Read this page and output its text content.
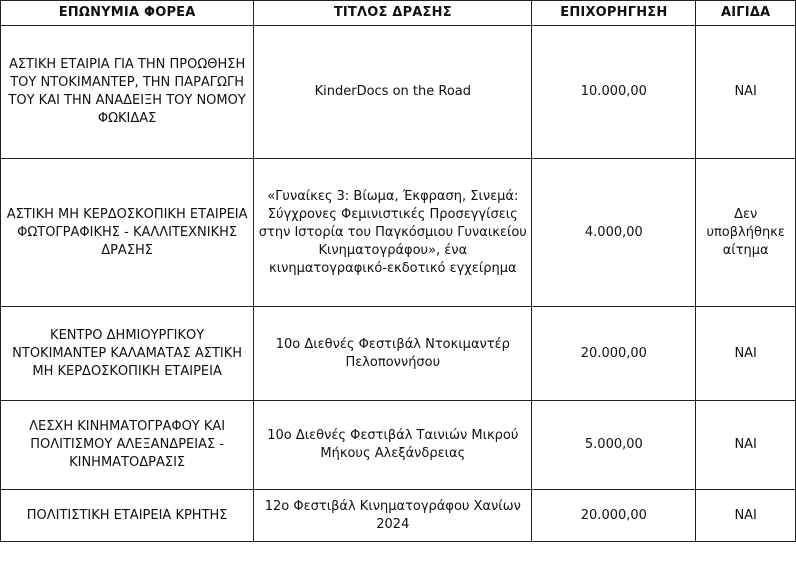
ΕΠΩΝΥΜΙΑ ΦΟΡΕΑ	ΤΙΤΛΟΣ ΔΡΑΣΗΣ	ΕΠΙΧΟΡΗΓΗΣΗ	ΑΙΓΙΔΑ
ΑΣΤΙΚΗ ΕΤΑΙΡΙΑ ΓΙΑ ΤΗΝ ΠΡΟΩΘΗΣΗ ΤΟΥ ΝΤΟΚΙΜΑΝΤΕΡ, ΤΗΝ ΠΑΡΑΓΩΓΗ ΤΟΥ ΚΑΙ ΤΗΝ ΑΝΑΔΕΙΞΗ ΤΟΥ ΝΟΜΟΥ ΦΩΚΙΔΑΣ	KinderDocs on the Road	10.000,00	ΝΑΙ
ΑΣΤΙΚΗ ΜΗ ΚΕΡΔΟΣΚΟΠΙΚΗ ΕΤΑΙΡΕΙΑ ΦΩΤΟΓΡΑΦΙΚΗΣ - ΚΑΛΛΙΤΕΧΝΙΚΗΣ ΔΡΑΣΗΣ	«Γυναίκες 3: Βίωμα, Έκφραση, Σινεμά: Σύγχρονες Φεμινιστικές Προσεγγίσεις στην Ιστορία του Παγκόσμιου Γυναικείου Κινηματογράφου», ένα κινηματογραφικό-εκδοτικό εγχείρημα	4.000,00	Δεν υποβλήθηκε αίτημα
ΚΕΝΤΡΟ ΔΗΜΙΟΥΡΓΙΚΟΥ ΝΤΟΚΙΜΑΝΤΕΡ ΚΑΛΑΜΑΤΑΣ ΑΣΤΙΚΗ ΜΗ ΚΕΡΔΟΣΚΟΠΙΚΗ ΕΤΑΙΡΕΙΑ	10ο Διεθνές Φεστιβάλ Ντοκιμαντέρ Πελοποννήσου	20.000,00	ΝΑΙ
ΛΕΣΧΗ ΚΙΝΗΜΑΤΟΓΡΑΦΟΥ ΚΑΙ ΠΟΛΙΤΙΣΜΟΥ ΑΛΕΞΑΝΔΡΕΙΑΣ - ΚΙΝΗΜΑΤΟΔΡΑΣΙΣ	10ο Διεθνές Φεστιβάλ Ταινιών Μικρού Μήκους Αλεξάνδρειας	5.000,00	ΝΑΙ
ΠΟΛΙΤΙΣΤΙΚΗ ΕΤΑΙΡΕΙΑ ΚΡΗΤΗΣ	12ο Φεστιβάλ Κινηματογράφου Χανίων 2024	20.000,00	ΝΑΙ
